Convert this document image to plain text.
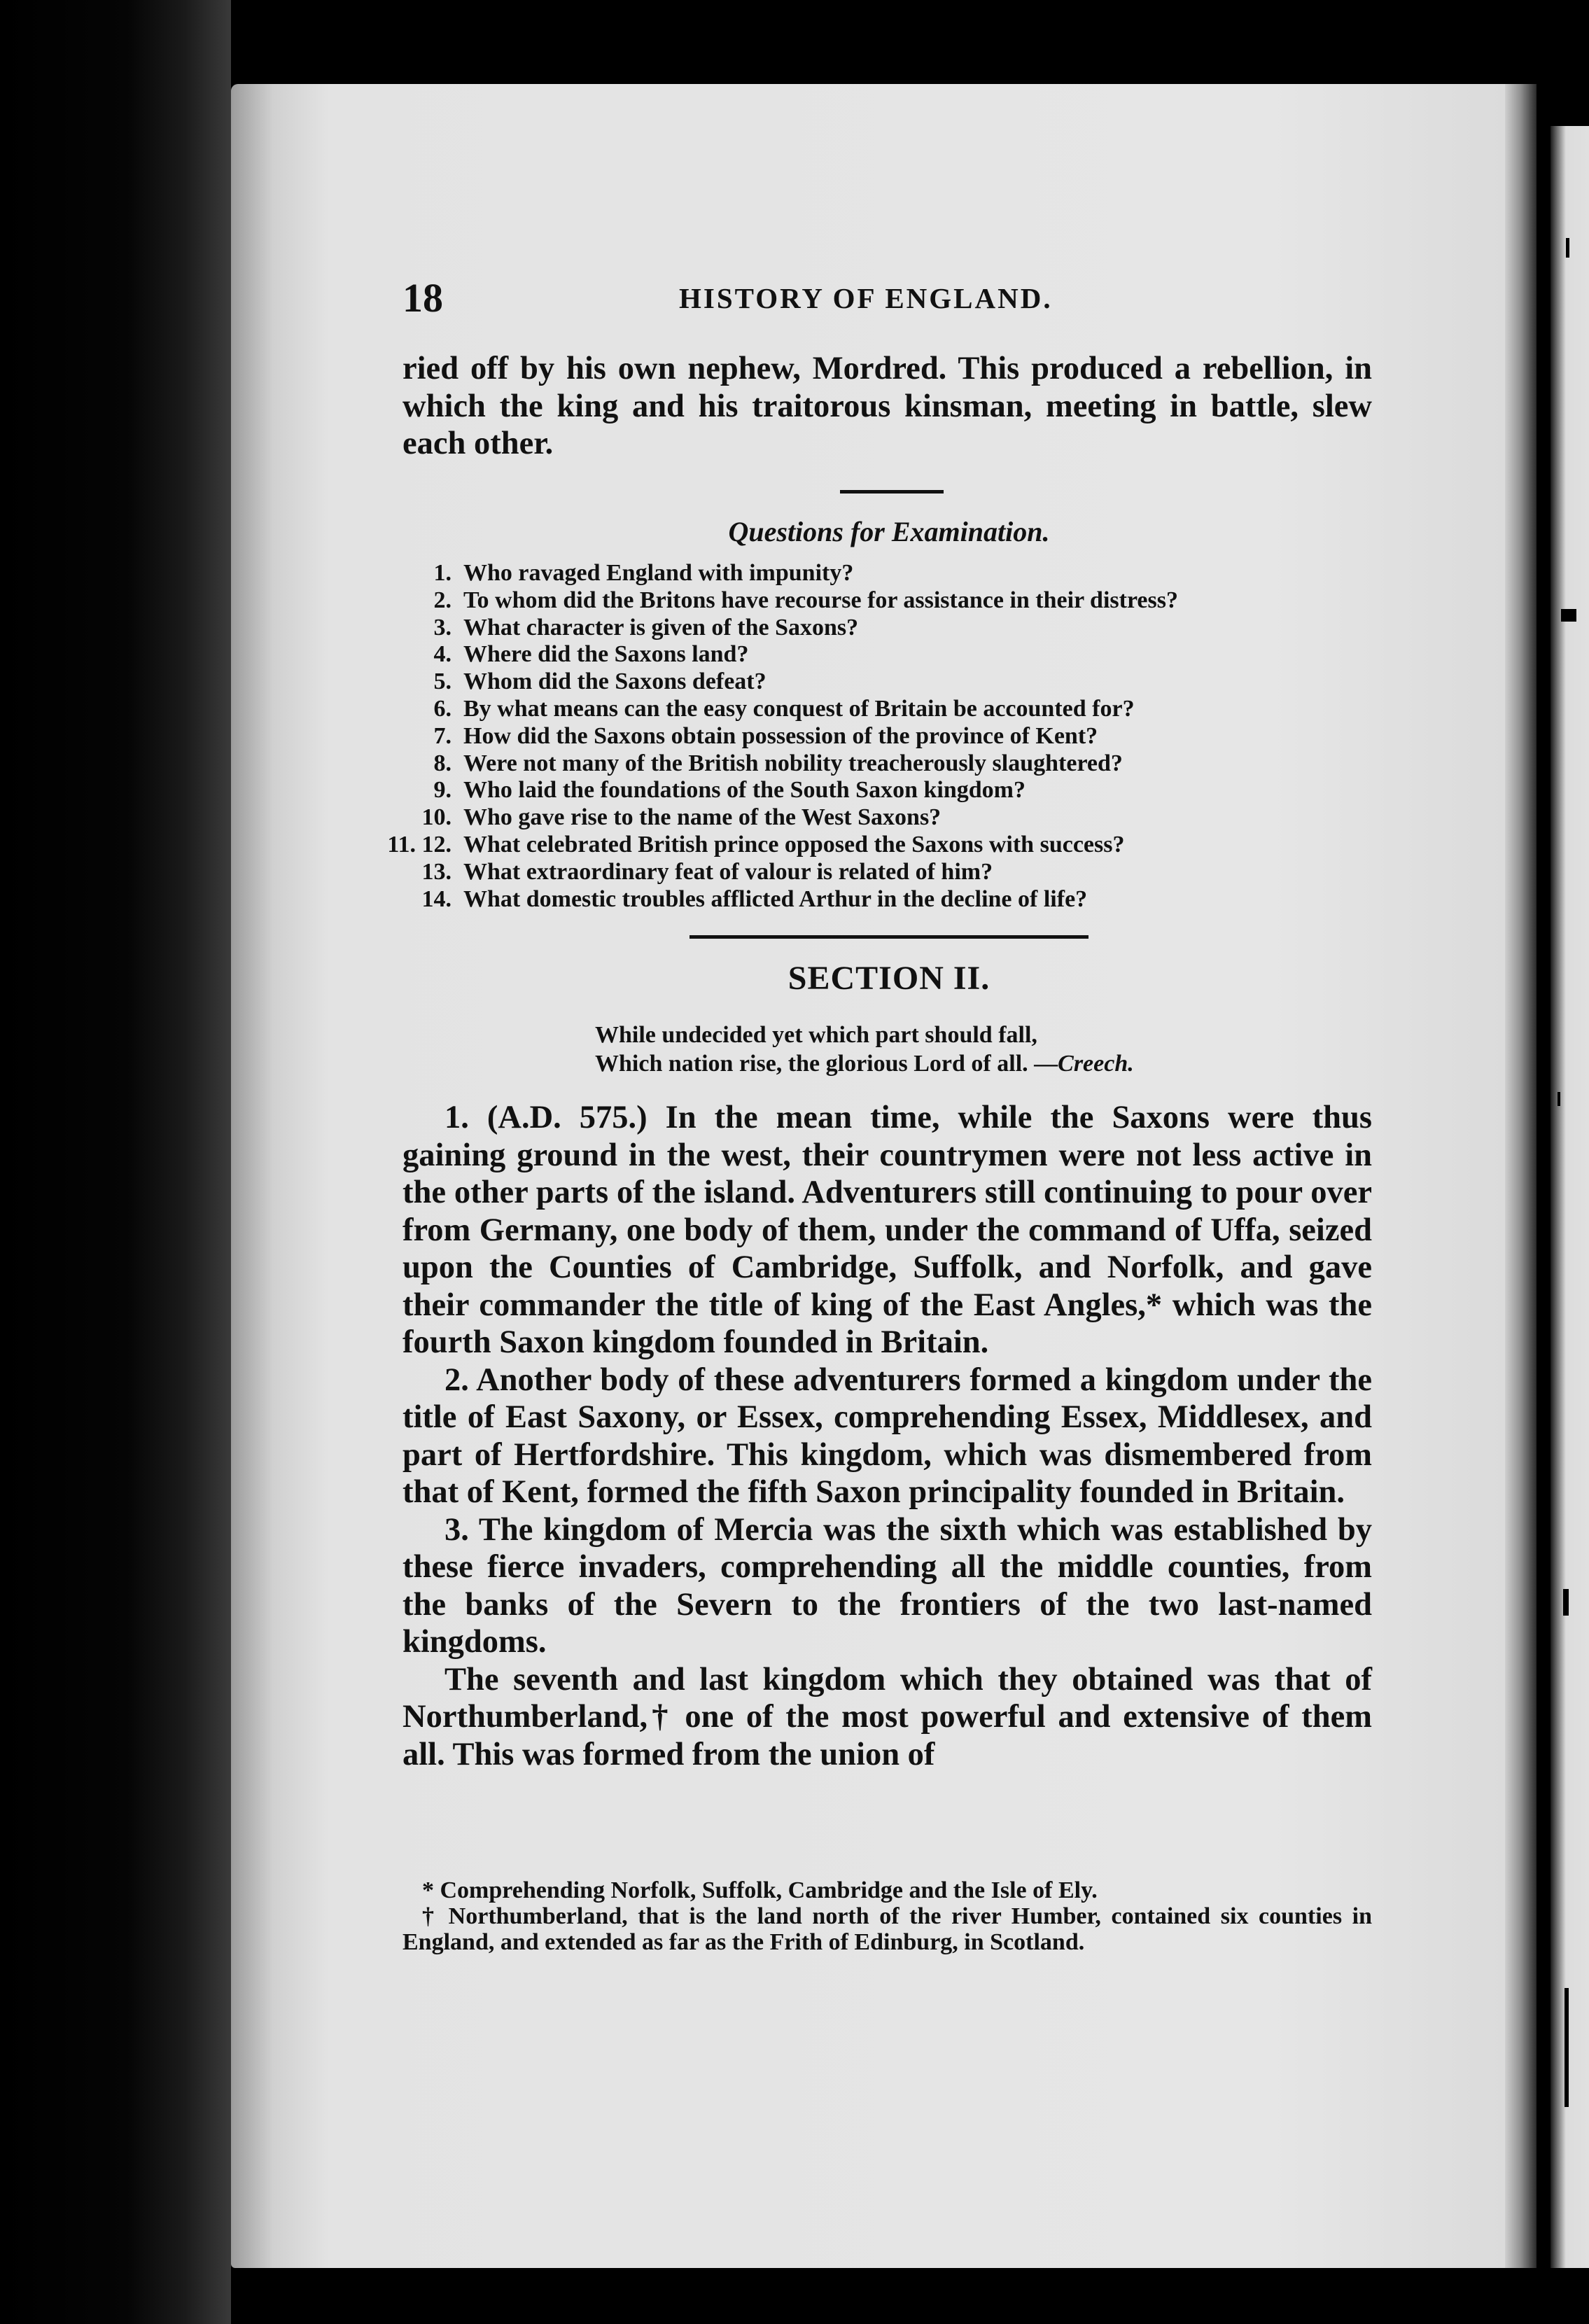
18	HISTORY OF ENGLAND.

ried off by his own nephew, Mordred. This produced a rebellion, in which the king and his traitorous kinsman, meeting in battle, slew each other.

Questions for Examination.
1. Who ravaged England with impunity?
2. To whom did the Britons have recourse for assistance in their distress?
3. What character is given of the Saxons?
4. Where did the Saxons land?
5. Whom did the Saxons defeat?
6. By what means can the easy conquest of Britain be accounted for?
7. How did the Saxons obtain possession of the province of Kent?
8. Were not many of the British nobility treacherously slaughtered?
9. Who laid the foundations of the South Saxon kingdom?
10. Who gave rise to the name of the West Saxons?
11. 12. What celebrated British prince opposed the Saxons with success?
13. What extraordinary feat of valour is related of him?
14. What domestic troubles afflicted Arthur in the decline of life?
SECTION II.
While undecided yet which part should fall,
Which nation rise, the glorious Lord of all. —Creech.

1. (A.D. 575.) In the mean time, while the Saxons were thus gaining ground in the west, their countrymen were not less active in the other parts of the island. Adventurers still continuing to pour over from Germany, one body of them, under the command of Uffa, seized upon the Counties of Cambridge, Suffolk, and Norfolk, and gave their commander the title of king of the East Angles,* which was the fourth Saxon kingdom founded in Britain.

2. Another body of these adventurers formed a kingdom under the title of East Saxony, or Essex, comprehending Essex, Middlesex, and part of Hertfordshire. This kingdom, which was dismembered from that of Kent, formed the fifth Saxon principality founded in Britain.

3. The kingdom of Mercia was the sixth which was established by these fierce invaders, comprehending all the middle counties, from the banks of the Severn to the frontiers of the two last-named kingdoms.

The seventh and last kingdom which they obtained was that of Northumberland,† one of the most powerful and extensive of them all. This was formed from the union of

* Comprehending Norfolk, Suffolk, Cambridge and the Isle of Ely.

† Northumberland, that is the land north of the river Humber, contained six counties in England, and extended as far as the Frith of Edinburg, in Scotland.
